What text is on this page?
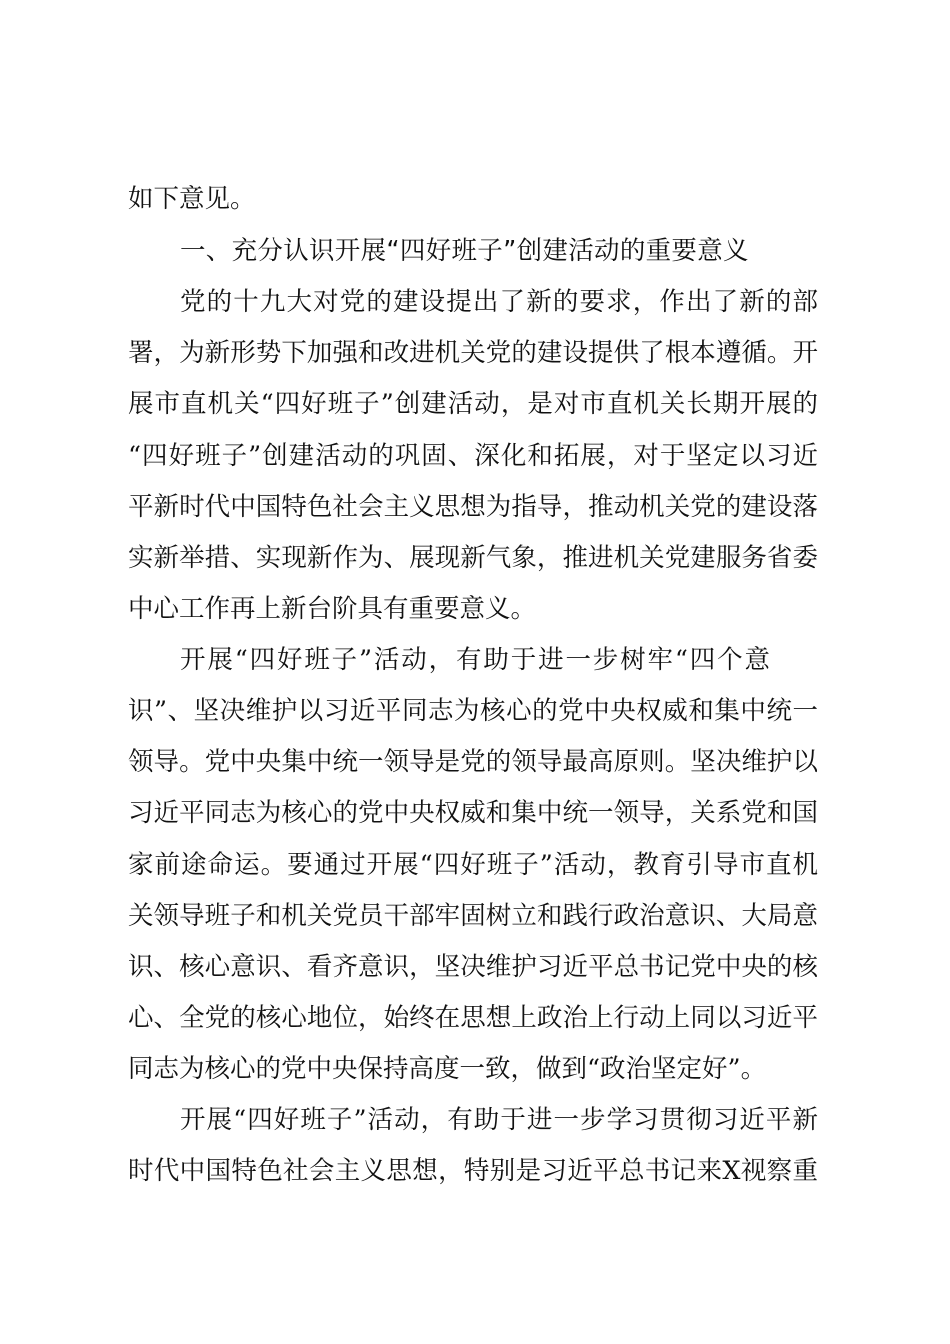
如下意见。
一、充分认识开展“四好班子”创建活动的重要意义
党的十九大对党的建设提出了新的要求，作出了新的部
署，为新形势下加强和改进机关党的建设提供了根本遵循。开
展市直机关“四好班子”创建活动，是对市直机关长期开展的
“四好班子”创建活动的巩固、深化和拓展，对于坚定以习近
平新时代中国特色社会主义思想为指导，推动机关党的建设落
实新举措、实现新作为、展现新气象，推进机关党建服务省委
中心工作再上新台阶具有重要意义。
开展“四好班子”活动，有助于进一步树牢“四个意
识”、坚决维护以习近平同志为核心的党中央权威和集中统一
领导。党中央集中统一领导是党的领导最高原则。坚决维护以
习近平同志为核心的党中央权威和集中统一领导，关系党和国
家前途命运。要通过开展“四好班子”活动，教育引导市直机
关领导班子和机关党员干部牢固树立和践行政治意识、大局意
识、核心意识、看齐意识，坚决维护习近平总书记党中央的核
心、全党的核心地位，始终在思想上政治上行动上同以习近平
同志为核心的党中央保持高度一致，做到“政治坚定好”。
开展“四好班子”活动，有助于进一步学习贯彻习近平新
时代中国特色社会主义思想，特别是习近平总书记来X视察重
